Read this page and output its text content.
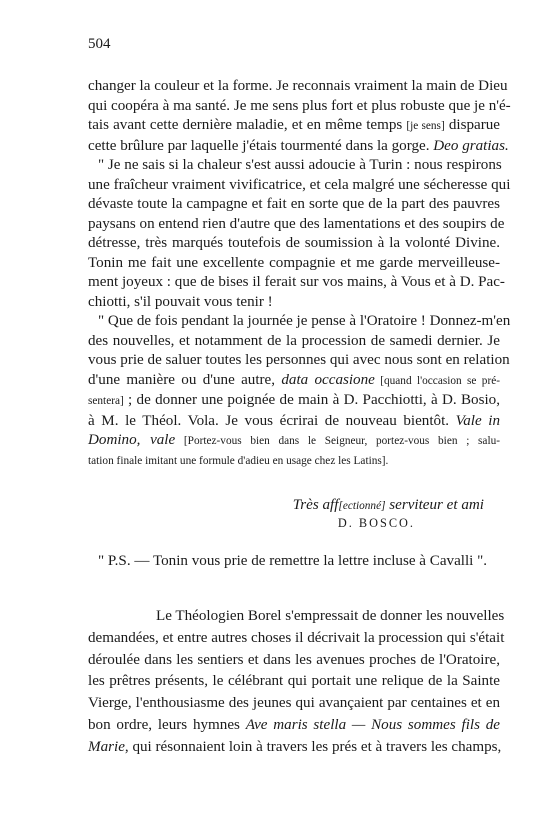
504

changer la couleur et la forme. Je reconnais vraiment la main de Dieu

qui coopéra à ma santé. Je me sens plus fort et plus robuste que je n'é-

tais avant cette dernière maladie, et en même temps [je sens] disparue

cette brûlure par laquelle j'étais tourmenté dans la gorge. Deo gratias.

" Je ne sais si la chaleur s'est aussi adoucie à Turin : nous respirons

une fraîcheur vraiment vivificatrice, et cela malgré une sécheresse qui

dévaste toute la campagne et fait en sorte que de la part des pauvres

paysans on entend rien d'autre que des lamentations et des soupirs de

détresse, très marqués toutefois de soumission à la volonté Divine.

Tonin me fait une excellente compagnie et me garde merveilleuse-

ment joyeux : que de bises il ferait sur vos mains, à Vous et à D. Pac-

chiotti, s'il pouvait vous tenir !

" Que de fois pendant la journée je pense à l'Oratoire ! Donnez-m'en

des nouvelles, et notamment de la procession de samedi dernier. Je

vous prie de saluer toutes les personnes qui avec nous sont en relation

d'une manière ou d'une autre, data occasione [quand l'occasion se pré-

sentera] ; de donner une poignée de main à D. Pacchiotti, à D. Bosio,

à M. le Théol. Vola. Je vous écrirai de nouveau bientôt. Vale in

Domino, vale [Portez-vous bien dans le Seigneur, portez-vous bien ; salu-

tation finale imitant une formule d'adieu en usage chez les Latins].

Très aff[ectionné] serviteur et ami
D. BOSCO.
" P.S. — Tonin vous prie de remettre la lettre incluse à Cavalli ".

Le Théologien Borel s'empressait de donner les nouvelles

demandées, et entre autres choses il décrivait la procession qui s'était

déroulée dans les sentiers et dans les avenues proches de l'Oratoire,

les prêtres présents, le célébrant qui portait une relique de la Sainte

Vierge, l'enthousiasme des jeunes qui avançaient par centaines et en

bon ordre, leurs hymnes Ave maris stella — Nous sommes fils de

Marie, qui résonnaient loin à travers les prés et à travers les champs,
